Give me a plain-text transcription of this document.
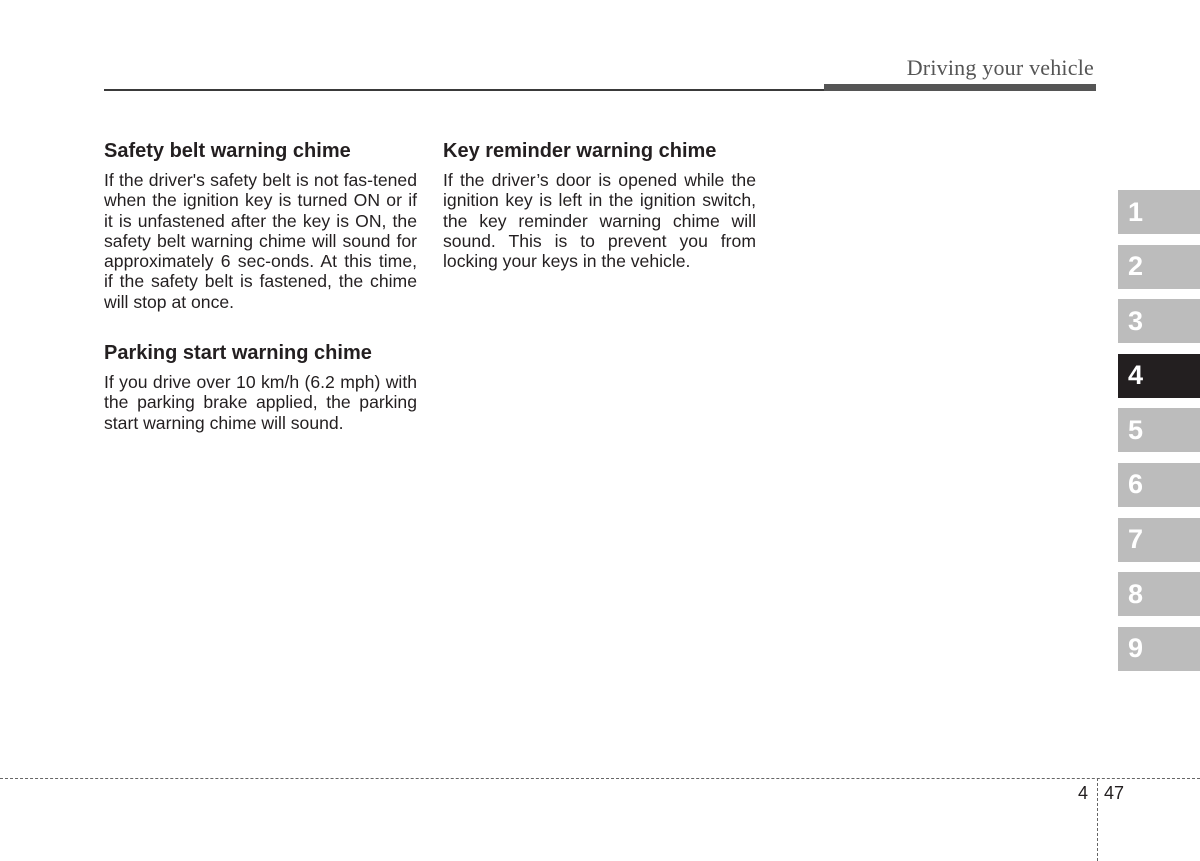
Driving your vehicle
Safety belt warning chime

If the driver's safety belt is not fas-tened when the ignition key is turned ON or if it is unfastened after the key is ON, the safety belt warning chime will sound for approximately 6 sec-onds. At this time, if the safety belt is fastened, the chime will stop at once.

Parking start warning chime

If you drive over 10 km/h (6.2 mph) with the parking brake applied, the parking start warning chime will sound.

Key reminder warning chime

If the driver’s door is opened while the ignition key is left in the ignition switch, the key reminder warning chime will sound. This is to prevent you from locking your keys in the vehicle.

1
2
3
4
5
6
7
8
9
4 47
